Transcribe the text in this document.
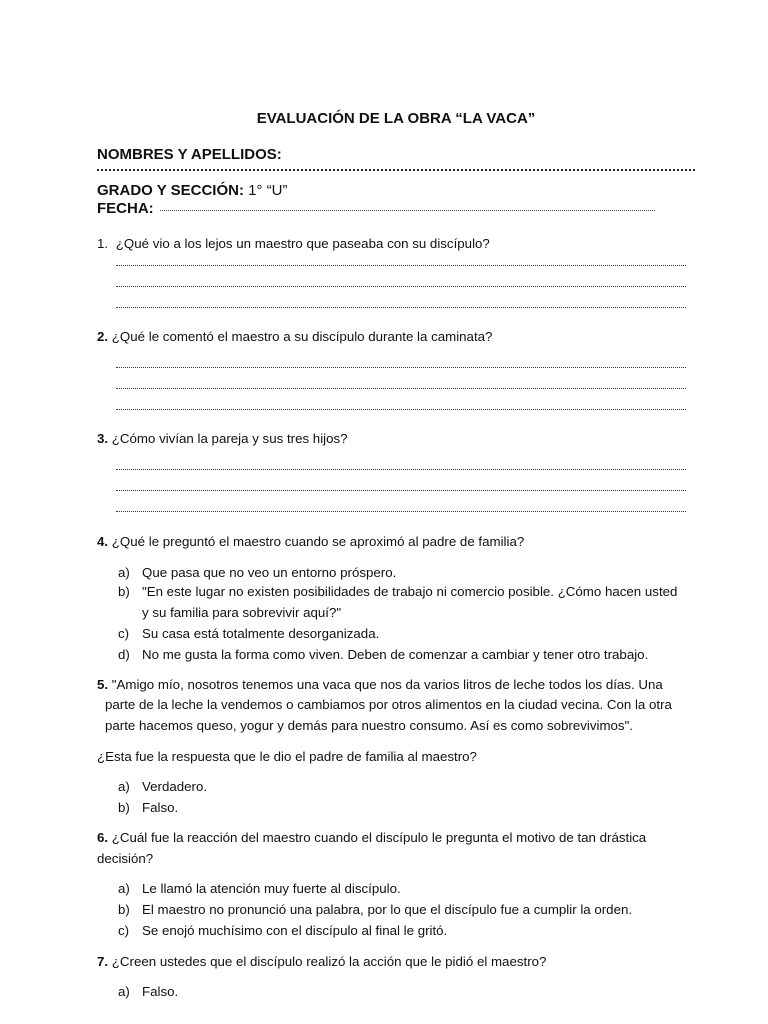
EVALUACIÓN DE LA OBRA “LA VACA”
NOMBRES Y APELLIDOS:
GRADO Y SECCIÓN: 1° “U”
FECHA:
1. ¿Qué vio a los lejos un maestro que paseaba con su discípulo?
2. ¿Qué le comentó el maestro a su discípulo durante la caminata?
3. ¿Cómo vivían la pareja y sus tres hijos?
4. ¿Qué le preguntó el maestro cuando se aproximó al padre de familia?
a) Que pasa que no veo un entorno próspero.
b) "En este lugar no existen posibilidades de trabajo ni comercio posible. ¿Cómo hacen usted
y su familia para sobrevivir aquí?"
c) Su casa está totalmente desorganizada.
d) No me gusta la forma como viven. Deben de comenzar a cambiar y tener otro trabajo.
5. "Amigo mío, nosotros tenemos una vaca que nos da varios litros de leche todos los días. Una
parte de la leche la vendemos o cambiamos por otros alimentos en la ciudad vecina. Con la otra
parte hacemos queso, yogur y demás para nuestro consumo. Así es como sobrevivimos".
¿Esta fue la respuesta que le dio el padre de familia al maestro?
a) Verdadero.
b) Falso.
6. ¿Cuál fue la reacción del maestro cuando el discípulo le pregunta el motivo de tan drástica
decisión?
a) Le llamó la atención muy fuerte al discípulo.
b) El maestro no pronunció una palabra, por lo que el discípulo fue a cumplir la orden.
c) Se enojó muchísimo con el discípulo al final le gritó.
7. ¿Creen ustedes que el discípulo realizó la acción que le pidió el maestro?
a) Falso.
